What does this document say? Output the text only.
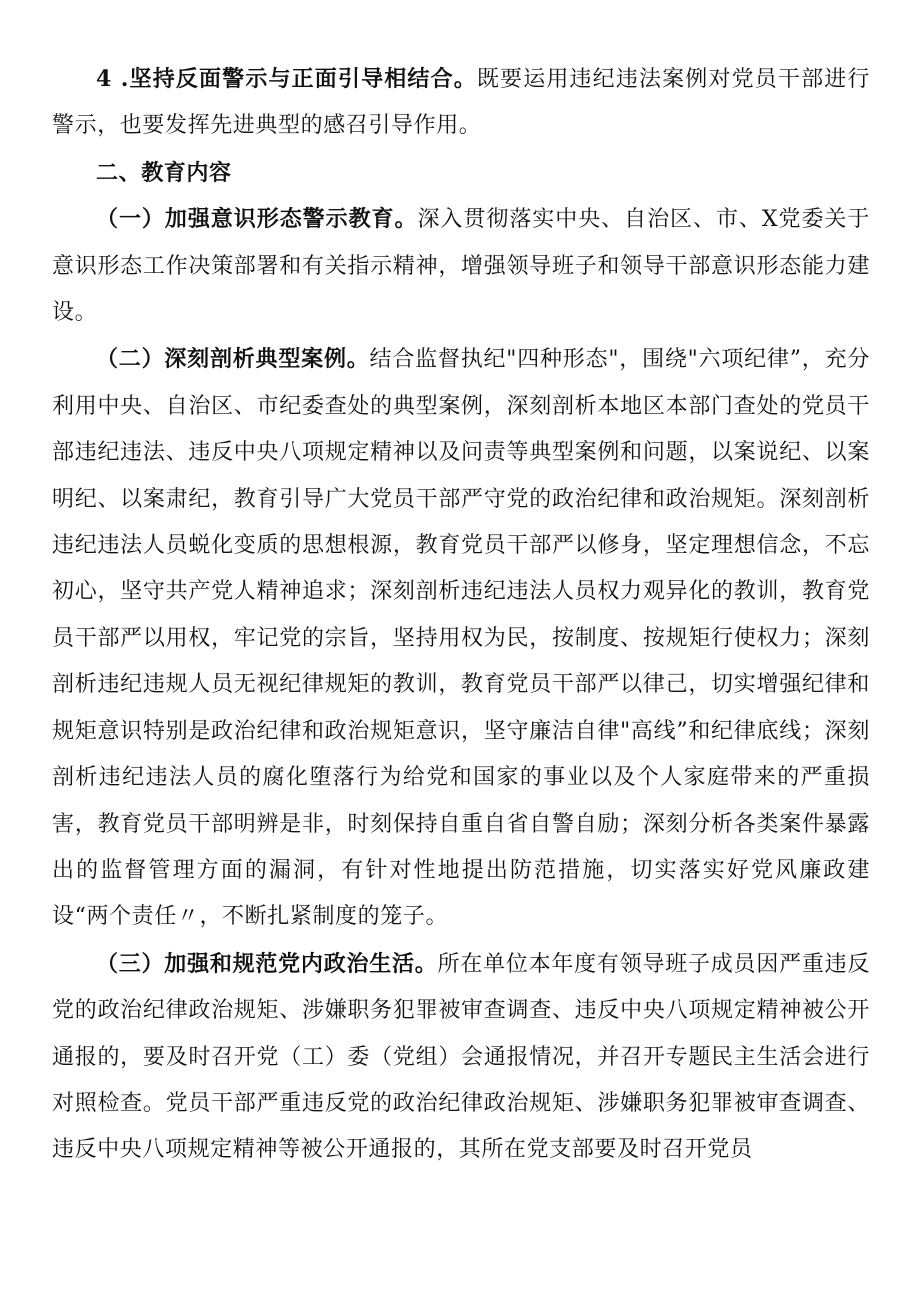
4 .坚持反面警示与正面引导相结合。既要运用违纪违法案例对党员干部进行警示，也要发挥先进典型的感召引导作用。

二、教育内容

（一）加强意识形态警示教育。深入贯彻落实中央、自治区、市、X党委关于意识形态工作决策部署和有关指示精神，增强领导班子和领导干部意识形态能力建设。

（二）深刻剖析典型案例。结合监督执纪"四种形态"，围绕"六项纪律”，充分利用中央、自治区、市纪委查处的典型案例，深刻剖析本地区本部门查处的党员干部违纪违法、违反中央八项规定精神以及问责等典型案例和问题，以案说纪、以案明纪、以案肃纪，教育引导广大党员干部严守党的政治纪律和政治规矩。深刻剖析违纪违法人员蜕化变质的思想根源，教育党员干部严以修身，坚定理想信念，不忘初心，坚守共产党人精神追求；深刻剖析违纪违法人员权力观异化的教训，教育党员干部严以用权，牢记党的宗旨，坚持用权为民，按制度、按规矩行使权力；深刻剖析违纪违规人员无视纪律规矩的教训，教育党员干部严以律己，切实增强纪律和规矩意识特别是政治纪律和政治规矩意识，坚守廉洁自律"高线”和纪律底线；深刻剖析违纪违法人员的腐化堕落行为给党和国家的事业以及个人家庭带来的严重损害，教育党员干部明辨是非，时刻保持自重自省自警自励；深刻分析各类案件暴露出的监督管理方面的漏洞，有针对性地提出防范措施，切实落实好党风廉政建设“两个责任〃，不断扎紧制度的笼子。

（三）加强和规范党内政治生活。所在单位本年度有领导班子成员因严重违反党的政治纪律政治规矩、涉嫌职务犯罪被审查调查、违反中央八项规定精神被公开通报的，要及时召开党（工）委（党组）会通报情况，并召开专题民主生活会进行对照检查。党员干部严重违反党的政治纪律政治规矩、涉嫌职务犯罪被审查调查、违反中央八项规定精神等被公开通报的，其所在党支部要及时召开党员
